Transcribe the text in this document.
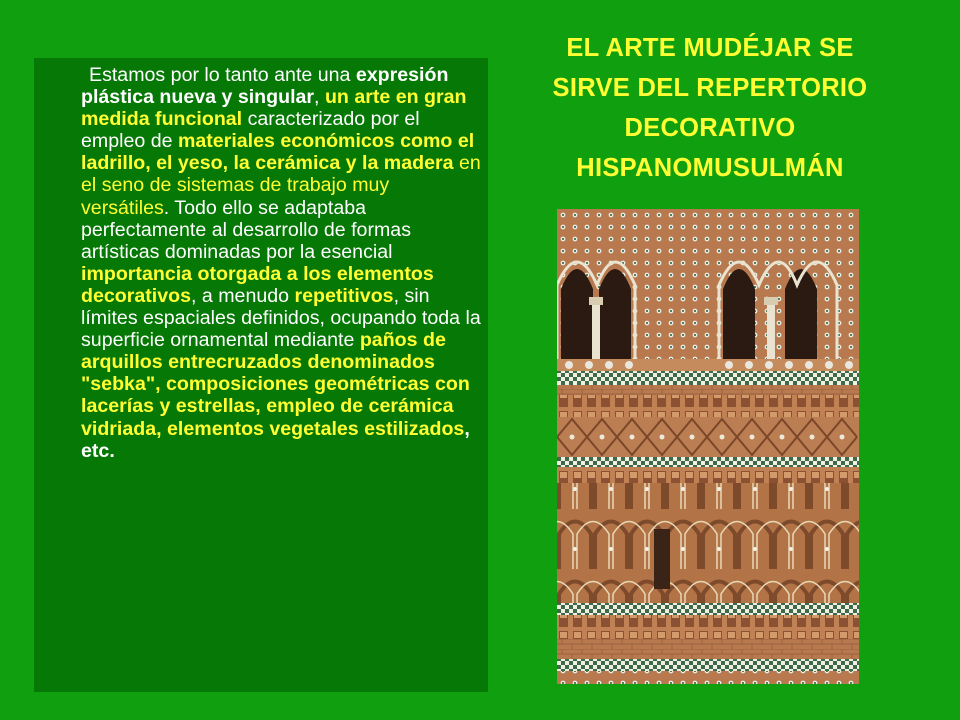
Estamos por lo tanto ante una expresión plástica nueva y singular, un arte en gran medida funcional caracterizado por el empleo de materiales económicos como el ladrillo, el yeso, la cerámica y la madera en el seno de sistemas de trabajo muy versátiles. Todo ello se adaptaba perfectamente al desarrollo de formas artísticas dominadas por la esencial importancia otorgada a los elementos decorativos, a menudo repetitivos, sin límites espaciales definidos, ocupando toda la superficie ornamental mediante paños de arquillos entrecruzados denominados "sebka", composiciones geométricas con lacerías y estrellas, empleo de cerámica vidriada, elementos vegetales estilizados, etc.
EL ARTE MUDÉJAR SE
SIRVE DEL REPERTORIO
DECORATIVO
HISPANOMUSULMÁN
